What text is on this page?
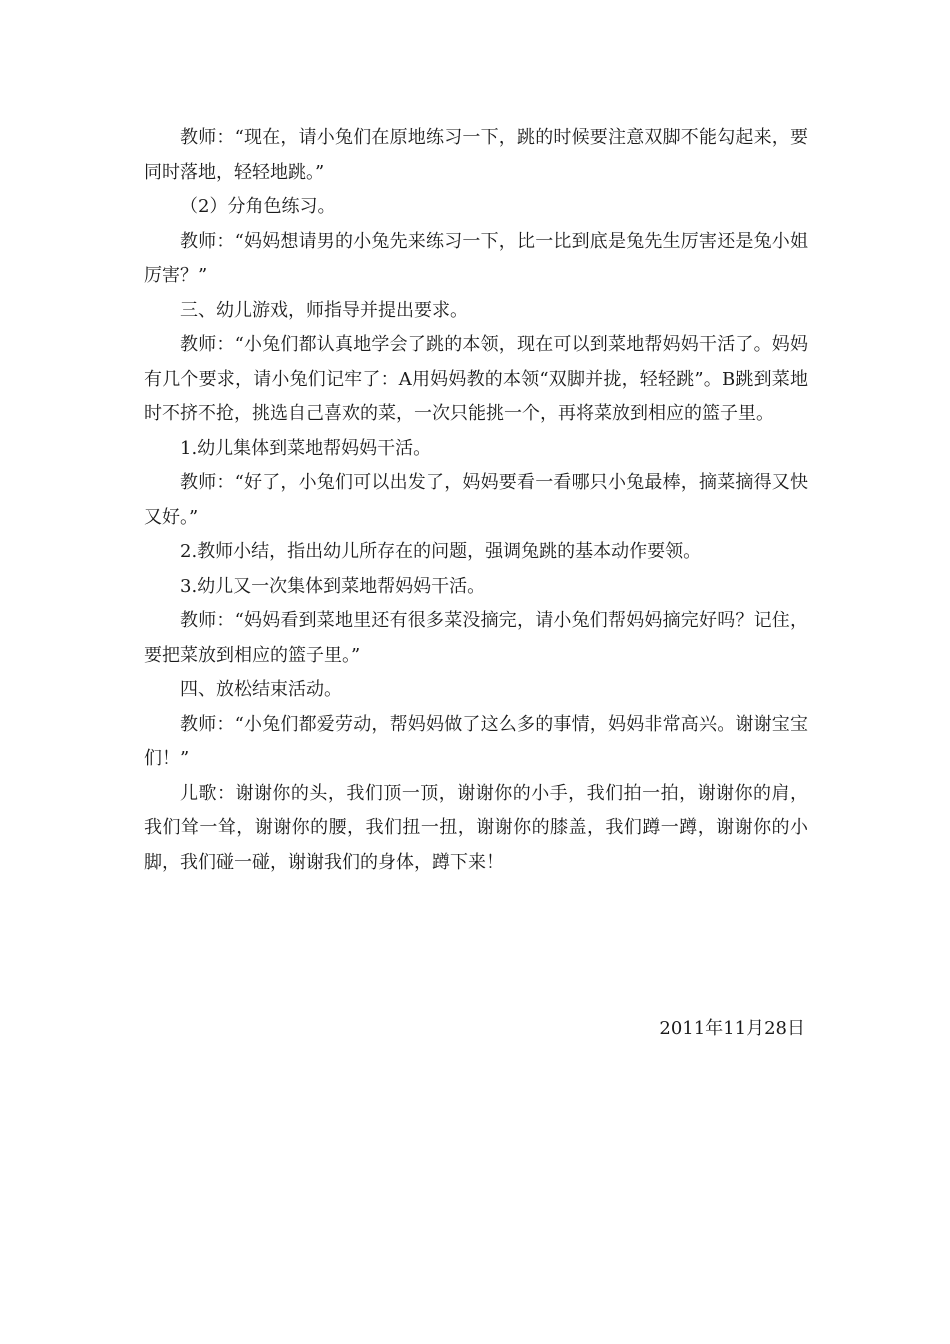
教师：“现在，请小兔们在原地练习一下，跳的时候要注意双脚不能勾起来，要同时落地，轻轻地跳。”

（2）分角色练习。

教师：“妈妈想请男的小兔先来练习一下，比一比到底是兔先生厉害还是兔小姐厉害？”

三、幼儿游戏，师指导并提出要求。

教师：“小兔们都认真地学会了跳的本领，现在可以到菜地帮妈妈干活了。妈妈有几个要求，请小兔们记牢了：A用妈妈教的本领“双脚并拢，轻轻跳”。B跳到菜地时不挤不抢，挑选自己喜欢的菜，一次只能挑一个，再将菜放到相应的篮子里。

1.幼儿集体到菜地帮妈妈干活。

教师：“好了，小兔们可以出发了，妈妈要看一看哪只小兔最棒，摘菜摘得又快又好。”

2.教师小结，指出幼儿所存在的问题，强调兔跳的基本动作要领。

3.幼儿又一次集体到菜地帮妈妈干活。

教师：“妈妈看到菜地里还有很多菜没摘完，请小兔们帮妈妈摘完好吗？记住，要把菜放到相应的篮子里。”

四、放松结束活动。

教师：“小兔们都爱劳动，帮妈妈做了这么多的事情，妈妈非常高兴。谢谢宝宝们！”

儿歌：谢谢你的头，我们顶一顶，谢谢你的小手，我们拍一拍，谢谢你的肩，我们耸一耸，谢谢你的腰，我们扭一扭，谢谢你的膝盖，我们蹲一蹲，谢谢你的小脚，我们碰一碰，谢谢我们的身体，蹲下来！

2011年11月28日
